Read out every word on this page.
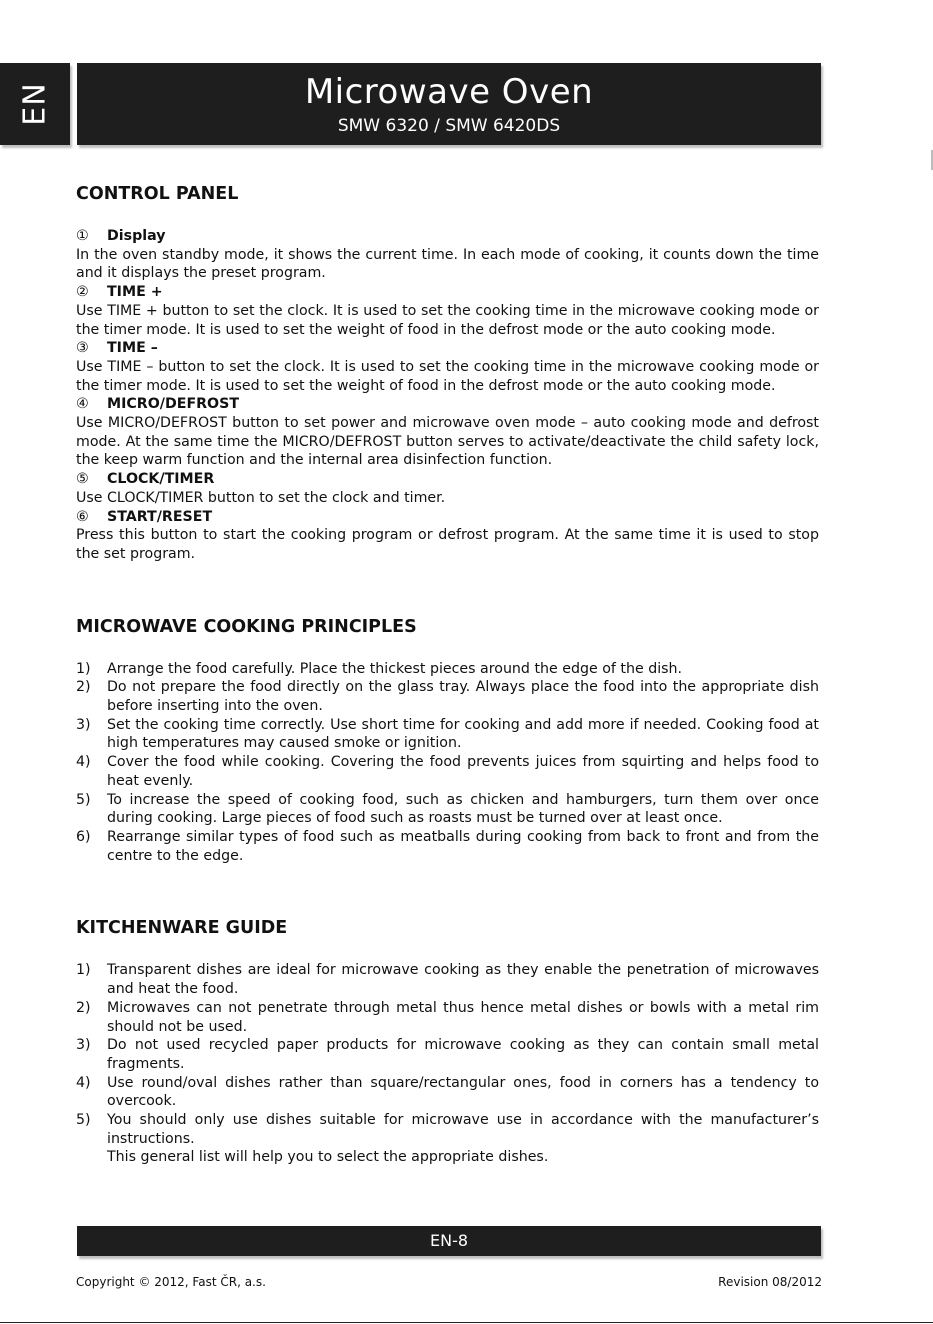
EN	Microwave Oven
SMW 6320 / SMW 6420DS
CONTROL PANEL
① Display
In the oven standby mode, it shows the current time. In each mode of cooking, it counts down the time and it displays the preset program.
② TIME +
Use TIME + button to set the clock. It is used to set the cooking time in the microwave cooking mode or the timer mode. It is used to set the weight of food in the defrost mode or the auto cooking mode.
③ TIME –
Use TIME – button to set the clock. It is used to set the cooking time in the microwave cooking mode or the timer mode. It is used to set the weight of food in the defrost mode or the auto cooking mode.
④ MICRO/DEFROST
Use MICRO/DEFROST button to set power and microwave oven mode – auto cooking mode and defrost mode. At the same time the MICRO/DEFROST button serves to activate/deactivate the child safety lock, the keep warm function and the internal area disinfection function.
⑤ CLOCK/TIMER
Use CLOCK/TIMER button to set the clock and timer.
⑥ START/RESET
Press this button to start the cooking program or defrost program. At the same time it is used to stop the set program.
MICROWAVE COOKING PRINCIPLES
1) Arrange the food carefully. Place the thickest pieces around the edge of the dish.
2) Do not prepare the food directly on the glass tray. Always place the food into the appropriate dish before inserting into the oven.
3) Set the cooking time correctly. Use short time for cooking and add more if needed. Cooking food at high temperatures may caused smoke or ignition.
4) Cover the food while cooking. Covering the food prevents juices from squirting and helps food to heat evenly.
5) To increase the speed of cooking food, such as chicken and hamburgers, turn them over once during cooking. Large pieces of food such as roasts must be turned over at least once.
6) Rearrange similar types of food such as meatballs during cooking from back to front and from the centre to the edge.
KITCHENWARE GUIDE
1) Transparent dishes are ideal for microwave cooking as they enable the penetration of microwaves and heat the food.
2) Microwaves can not penetrate through metal thus hence metal dishes or bowls with a metal rim should not be used.
3) Do not used recycled paper products for microwave cooking as they can contain small metal fragments.
4) Use round/oval dishes rather than square/rectangular ones, food in corners has a tendency to overcook.
5) You should only use dishes suitable for microwave use in accordance with the manufacturer’s instructions.
This general list will help you to select the appropriate dishes.
EN-8
Copyright © 2012, Fast ČR, a.s.	Revision 08/2012
